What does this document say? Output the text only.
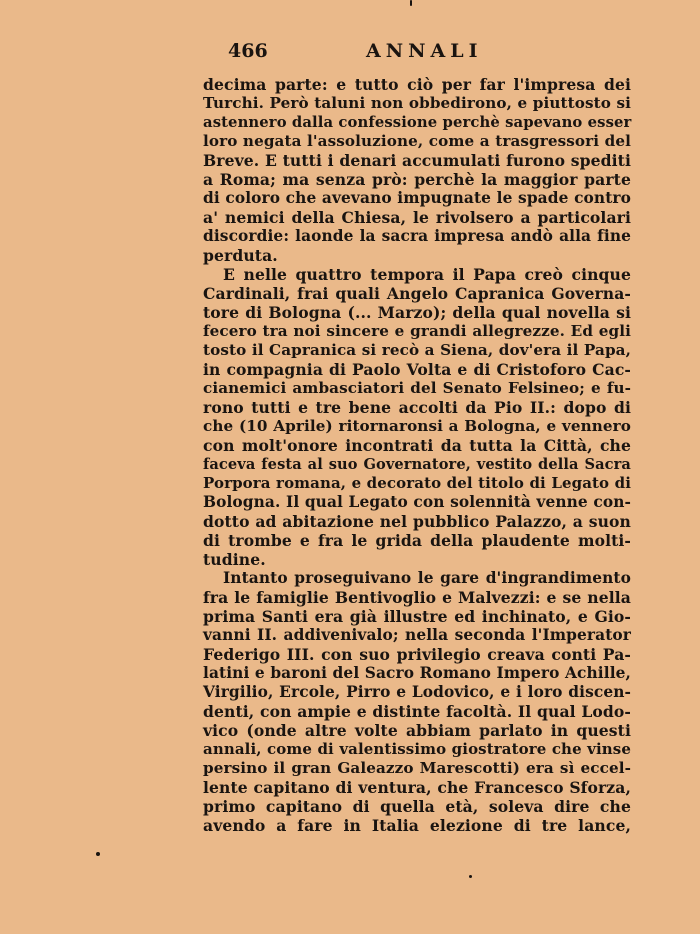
466	ANNALI
decima parte: e tutto ciò per far l'impresa dei
Turchi. Però taluni non obbedirono, e piuttosto si
astennero dalla confessione perchè sapevano esser
loro negata l'assoluzione, come a trasgressori del
Breve. E tutti i denari accumulati furono spediti
a Roma; ma senza prò: perchè la maggior parte
di coloro che avevano impugnate le spade contro
a' nemici della Chiesa, le rivolsero a particolari
discordie: laonde la sacra impresa andò alla fine
perduta.
E nelle quattro tempora il Papa creò cinque
Cardinali, frai quali Angelo Capranica Governa-
tore di Bologna (... Marzo); della qual novella si
fecero tra noi sincere e grandi allegrezze. Ed egli
tosto il Capranica si recò a Siena, dov'era il Papa,
in compagnia di Paolo Volta e di Cristoforo Cac-
cianemici ambasciatori del Senato Felsineo; e fu-
rono tutti e tre bene accolti da Pio II.: dopo di
che (10 Aprile) ritornaronsi a Bologna, e vennero
con molt'onore incontrati da tutta la Città, che
faceva festa al suo Governatore, vestito della Sacra
Porpora romana, e decorato del titolo di Legato di
Bologna. Il qual Legato con solennità venne con-
dotto ad abitazione nel pubblico Palazzo, a suon
di trombe e fra le grida della plaudente molti-
tudine.
Intanto proseguivano le gare d'ingrandimento
fra le famiglie Bentivoglio e Malvezzi: e se nella
prima Santi era già illustre ed inchinato, e Gio-
vanni II. addivenivalo; nella seconda l'Imperator
Federigo III. con suo privilegio creava conti Pa-
latini e baroni del Sacro Romano Impero Achille,
Virgilio, Ercole, Pirro e Lodovico, e i loro discen-
denti, con ampie e distinte facoltà. Il qual Lodo-
vico (onde altre volte abbiam parlato in questi
annali, come di valentissimo giostratore che vinse
persino il gran Galeazzo Marescotti) era sì eccel-
lente capitano di ventura, che Francesco Sforza,
primo capitano di quella età, soleva dire che
avendo a fare in Italia elezione di tre lance,
